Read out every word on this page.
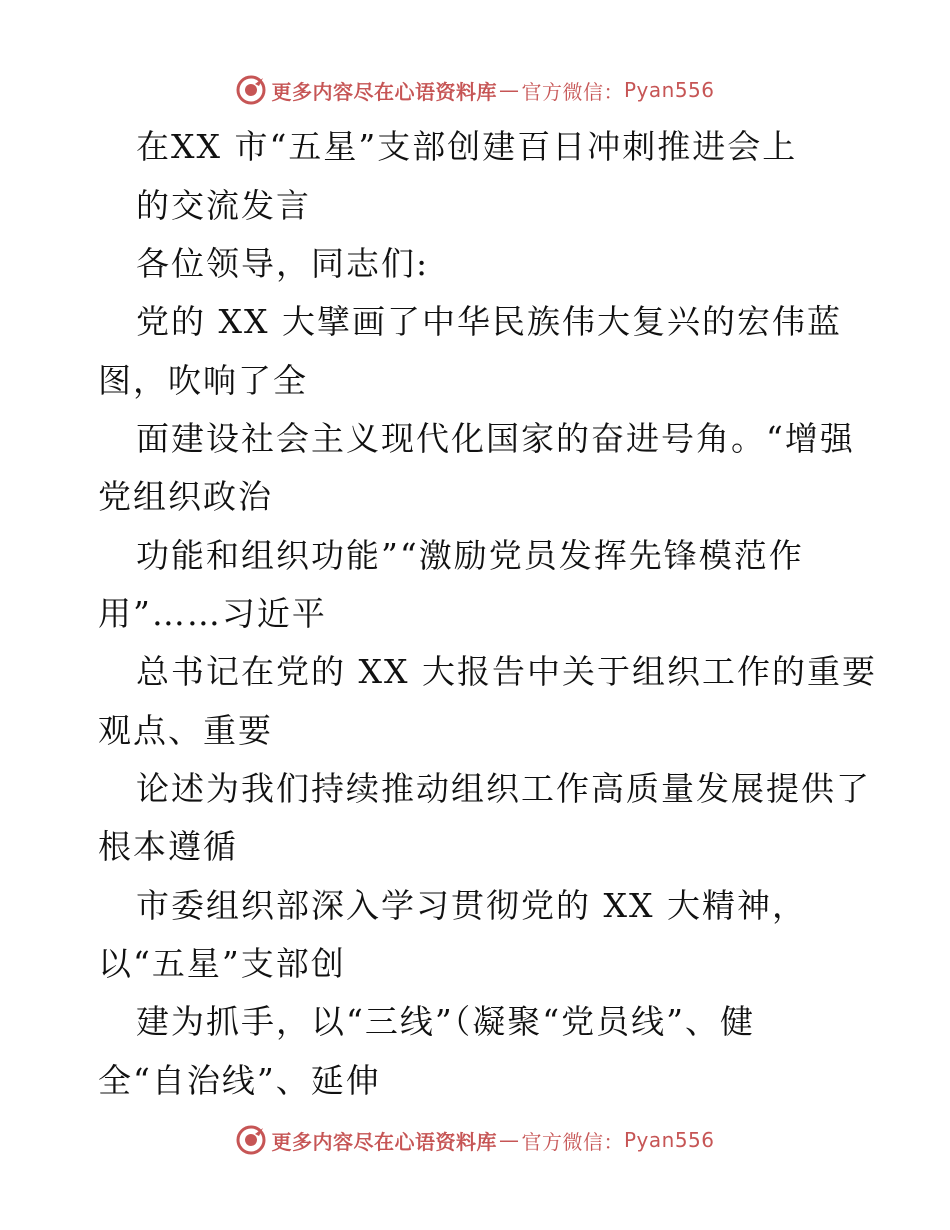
更多内容尽在心语资料库 — 官方微信： Pyan556
在XX 市“五星”支部创建百日冲刺推进会上
的交流发言
各位领导，同志们:
党的 XX 大擘画了中华民族伟大复兴的宏伟蓝
图，吹响了全
面建设社会主义现代化国家的奋进号角。“增强
党组织政治
功能和组织功能”“激励党员发挥先锋模范作
用”……习近平
总书记在党的 XX 大报告中关于组织工作的重要
观点、重要
论述为我们持续推动组织工作高质量发展提供了
根本遵循
市委组织部深入学习贯彻党的 XX 大精神，
以“五星”支部创
建为抓手，以“三线”（凝聚“党员线”、健
全“自治线”、延伸
更多内容尽在心语资料库 — 官方微信： Pyan556
